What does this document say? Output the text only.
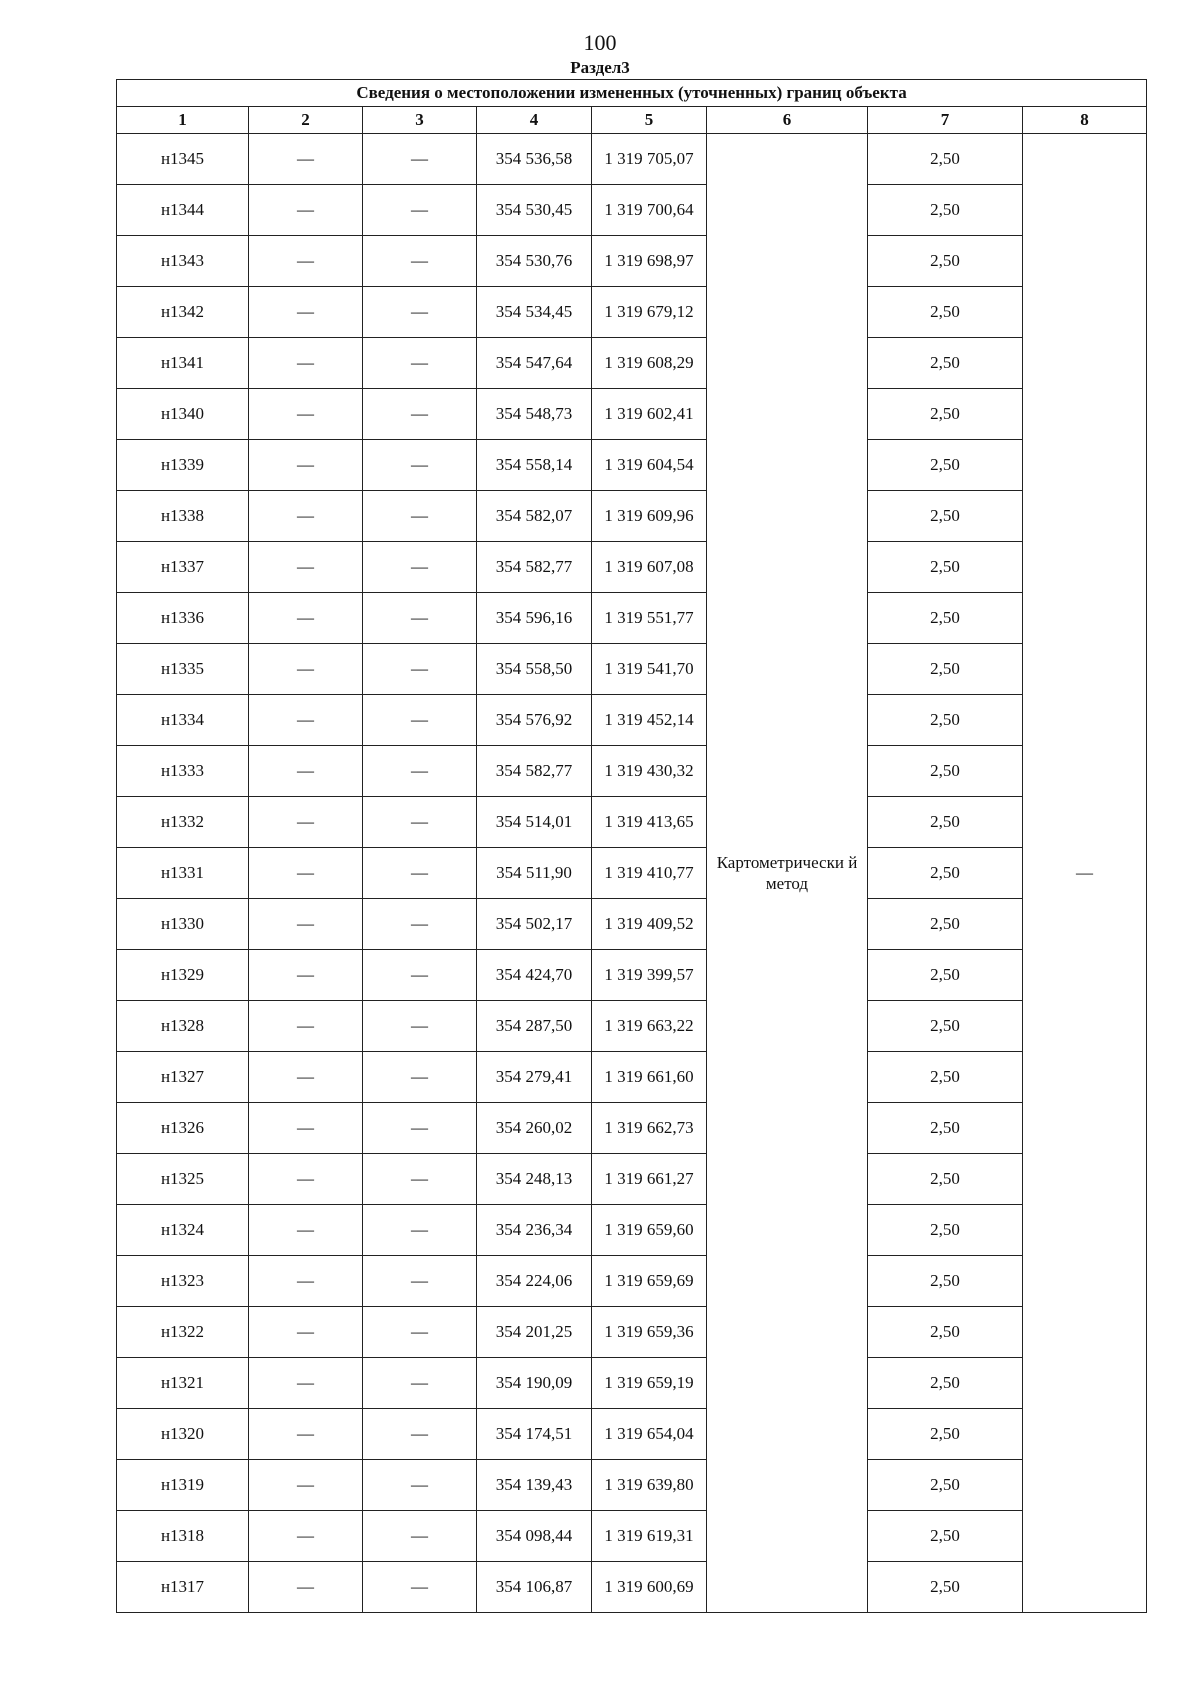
100
Раздел3
Сведения о местоположении измененных (уточненных) границ объекта							
1	2	3	4	5	6	7	8
н1345	—	—	354 536,58	1 319 705,07	Картометрически й метод	2,50	—
н1344	—	—	354 530,45	1 319 700,64		2,50	
н1343	—	—	354 530,76	1 319 698,97		2,50	
н1342	—	—	354 534,45	1 319 679,12		2,50	
н1341	—	—	354 547,64	1 319 608,29		2,50	
н1340	—	—	354 548,73	1 319 602,41		2,50	
н1339	—	—	354 558,14	1 319 604,54		2,50	
н1338	—	—	354 582,07	1 319 609,96		2,50	
н1337	—	—	354 582,77	1 319 607,08		2,50	
н1336	—	—	354 596,16	1 319 551,77		2,50	
н1335	—	—	354 558,50	1 319 541,70		2,50	
н1334	—	—	354 576,92	1 319 452,14		2,50	
н1333	—	—	354 582,77	1 319 430,32		2,50	
н1332	—	—	354 514,01	1 319 413,65		2,50	
н1331	—	—	354 511,90	1 319 410,77		2,50	
н1330	—	—	354 502,17	1 319 409,52		2,50	
н1329	—	—	354 424,70	1 319 399,57		2,50	
н1328	—	—	354 287,50	1 319 663,22		2,50	
н1327	—	—	354 279,41	1 319 661,60		2,50	
н1326	—	—	354 260,02	1 319 662,73		2,50	
н1325	—	—	354 248,13	1 319 661,27		2,50	
н1324	—	—	354 236,34	1 319 659,60		2,50	
н1323	—	—	354 224,06	1 319 659,69		2,50	
н1322	—	—	354 201,25	1 319 659,36		2,50	
н1321	—	—	354 190,09	1 319 659,19		2,50	
н1320	—	—	354 174,51	1 319 654,04		2,50	
н1319	—	—	354 139,43	1 319 639,80		2,50	
н1318	—	—	354 098,44	1 319 619,31		2,50	
н1317	—	—	354 106,87	1 319 600,69		2,50	
